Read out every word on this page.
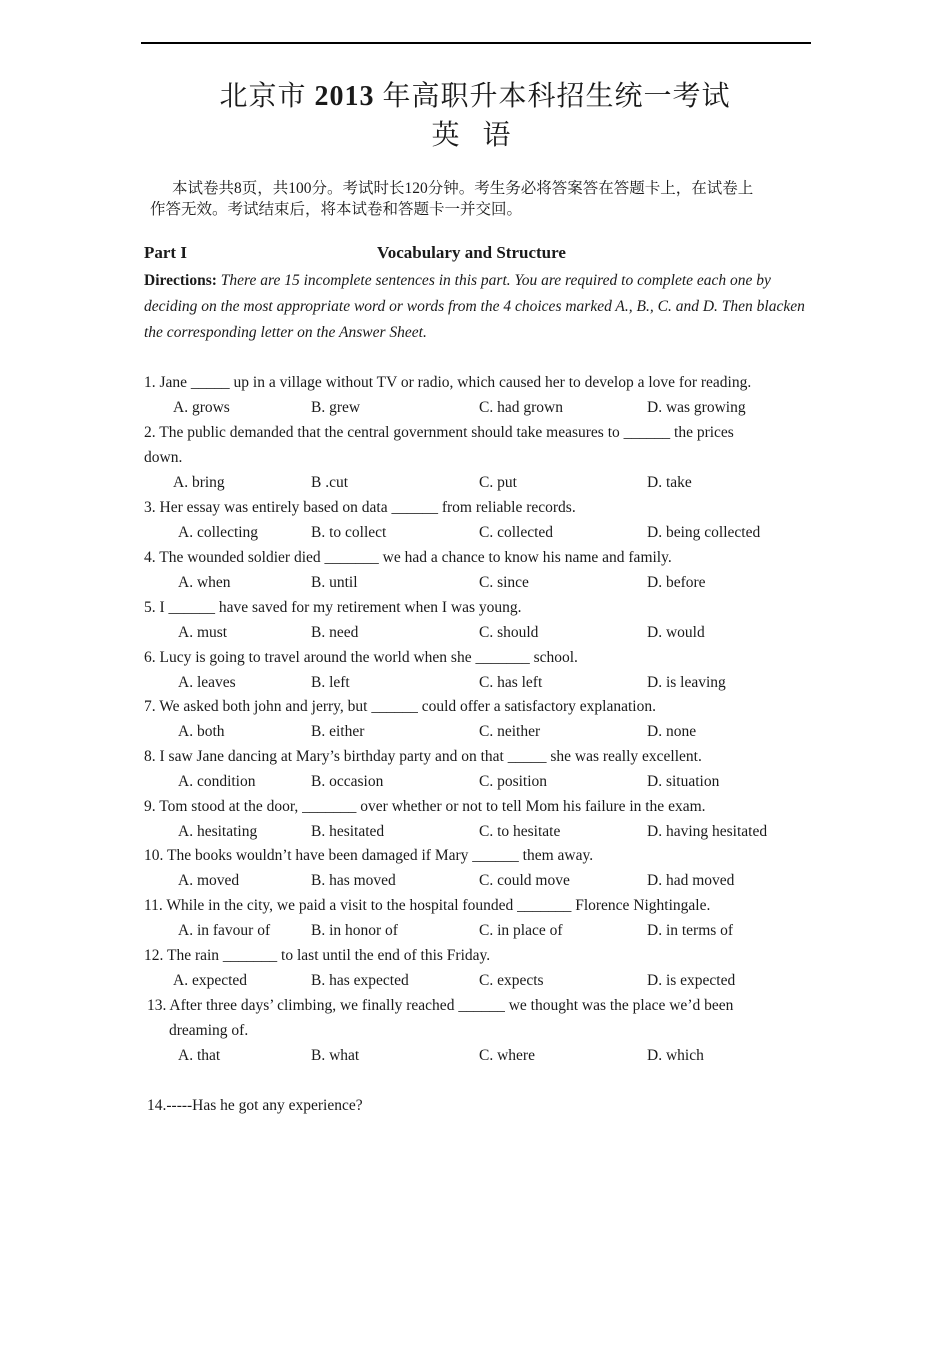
北京市 2013 年高职升本科招生统一考试
英 语
本试卷共8页，共100分。考试时长120分钟。考生务必将答案答在答题卡上，在试卷上
作答无效。考试结束后，将本试卷和答题卡一并交回。
Part I	Vocabulary and Structure
Directions: There are 15 incomplete sentences in this part. You are required to complete each one by deciding on the most appropriate word or words from the 4 choices marked A., B., C. and D. Then blacken the corresponding letter on the Answer Sheet.
1. Jane _____ up in a village without TV or radio, which caused her to develop a love for reading.
A. grows	B. grew	C. had grown	D. was growing
2. The public demanded that the central government should take measures to ______ the prices
down.
A. bring	B .cut	C. put	D. take
3. Her essay was entirely based on data ______ from reliable records.
A. collecting	B. to collect	C. collected	D. being collected
4. The wounded soldier died _______ we had a chance to know his name and family.
A. when	B. until	C. since	D. before
5. I ______ have saved for my retirement when I was young.
A. must	B. need	C. should	D. would
6. Lucy is going to travel around the world when she _______ school.
A. leaves	B. left	C. has left	D. is leaving
7. We asked both john and jerry, but ______ could offer a satisfactory explanation.
A. both	B. either	C. neither	D. none
8. I saw Jane dancing at Mary’s birthday party and on that _____ she was really excellent.
A. condition	B. occasion	C. position	D. situation
9. Tom stood at the door, _______ over whether or not to tell Mom his failure in the exam.
A. hesitating	B. hesitated	C. to hesitate	D. having hesitated
10. The books wouldn’t have been damaged if Mary ______ them away.
A. moved	B. has moved	C. could move	D. had moved
11. While in the city, we paid a visit to the hospital founded _______ Florence Nightingale.
A. in favour of	B. in honor of	C. in place of	D. in terms of
12. The rain _______ to last until the end of this Friday.
A. expected	B. has expected	C. expects	D. is expected
13. After three days’ climbing, we finally reached ______ we thought was the place we’d been
dreaming of.
A. that	B. what	C. where	D. which
14.-----Has he got any experience?
